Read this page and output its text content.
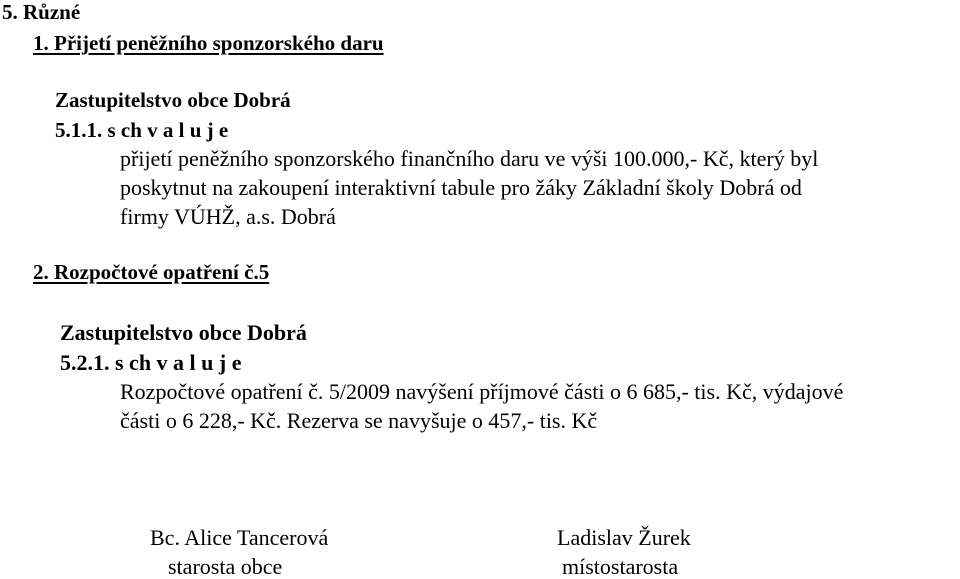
5. Různé
1. Přijetí peněžního sponzorského daru
Zastupitelstvo obce Dobrá
5.1.1. s ch v a l u j e
přijetí peněžního sponzorského finančního daru ve výši 100.000,- Kč, který byl
poskytnut na zakoupení interaktivní tabule pro žáky Základní školy Dobrá od
firmy VÚHŽ, a.s. Dobrá
2. Rozpočtové opatření č.5
Zastupitelstvo obce Dobrá
5.2.1. s ch v a l u j e
Rozpočtové opatření č. 5/2009 navýšení příjmové části o 6 685,- tis. Kč, výdajové
části o 6 228,- Kč. Rezerva se navyšuje o 457,- tis. Kč
Bc. Alice Tancerová
starosta obce
Ladislav Žurek
místostarosta
